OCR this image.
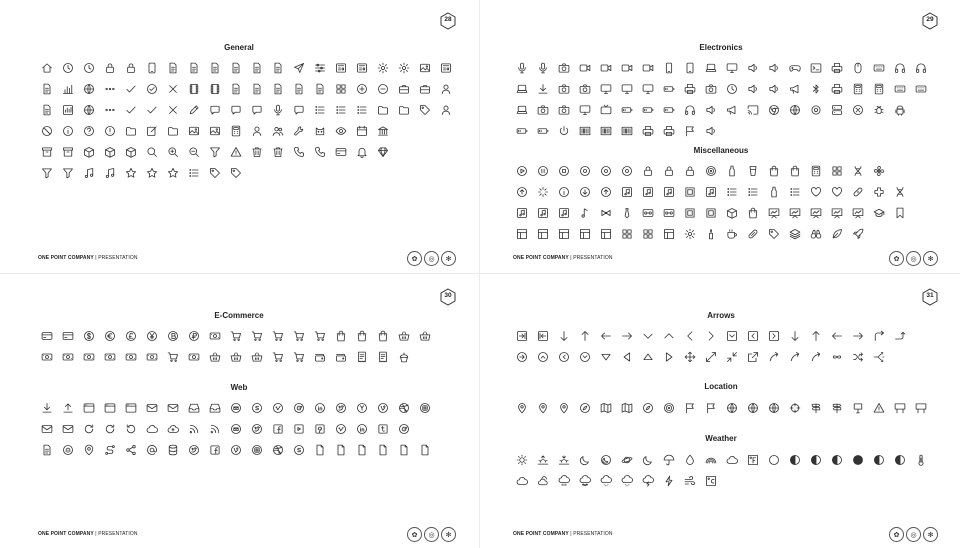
28
General
ONE POINT COMPANY | PRESENTATION	✿	◎	✻
29
Electronics
Miscellaneous
ONE POINT COMPANY | PRESENTATION	✿	◎	✻
30
E-Commerce
Web
ONE POINT COMPANY | PRESENTATION	✿	◎	✻
31
Arrows
Location
Weather
ONE POINT COMPANY | PRESENTATION	✿	◎	✻
